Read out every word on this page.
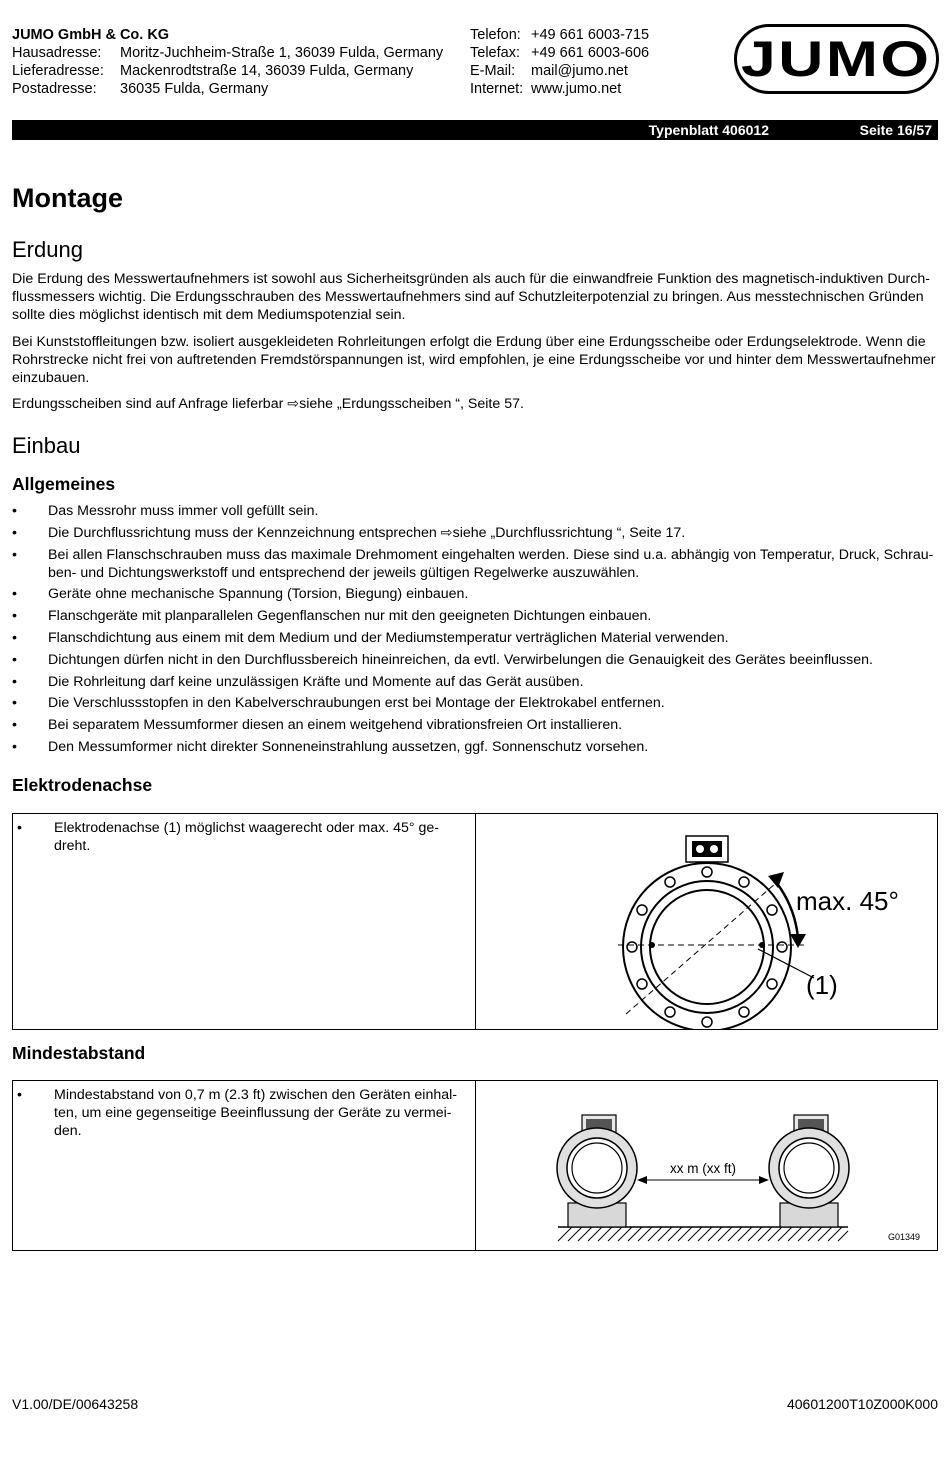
JUMO GmbH & Co. KG
Hausadresse:	Moritz-Juchheim-Straße 1, 36039 Fulda, Germany
Lieferadresse:	Mackenrodtstraße 14, 36039 Fulda, Germany
Postadresse:	36035 Fulda, Germany
Telefon: +49 661 6003-715
Telefax: +49 661 6003-606
E-Mail:	mail@jumo.net
Internet: www.jumo.net
JUMO
Typenblatt 406012	Seite 16/57
Montage
Erdung

Die Erdung des Messwertaufnehmers ist sowohl aus Sicherheitsgründen als auch für die einwandfreie Funktion des magnetisch-induktiven Durchflussmessers wichtig. Die Erdungsschrauben des Messwertaufnehmers sind auf Schutzleiterpotenzial zu bringen. Aus messtechnischen Gründen sollte dies möglichst identisch mit dem Mediumspotenzial sein.

Bei Kunststoffleitungen bzw. isoliert ausgekleideten Rohrleitungen erfolgt die Erdung über eine Erdungsscheibe oder Erdungselektrode. Wenn die Rohrstrecke nicht frei von auftretenden Fremdstörspannungen ist, wird empfohlen, je eine Erdungsscheibe vor und hinter dem Messwertaufnehmer einzubauen.

Erdungsscheiben sind auf Anfrage lieferbar ⇨siehe „Erdungsscheiben “, Seite 57.

Einbau
Allgemeines
• Das Messrohr muss immer voll gefüllt sein.
• Die Durchflussrichtung muss der Kennzeichnung entsprechen ⇨siehe „Durchflussrichtung “, Seite 17.
• Bei allen Flanschschrauben muss das maximale Drehmoment eingehalten werden. Diese sind u.a. abhängig von Temperatur, Druck, Schrauben- und Dichtungswerkstoff und entsprechend der jeweils gültigen Regelwerke auszuwählen.
• Geräte ohne mechanische Spannung (Torsion, Biegung) einbauen.
• Flanschgeräte mit planparallelen Gegenflanschen nur mit den geeigneten Dichtungen einbauen.
• Flanschdichtung aus einem mit dem Medium und der Mediumstemperatur verträglichen Material verwenden.
• Dichtungen dürfen nicht in den Durchflussbereich hineinreichen, da evtl. Verwirbelungen die Genauigkeit des Gerätes beeinflussen.
• Die Rohrleitung darf keine unzulässigen Kräfte und Momente auf das Gerät ausüben.
• Die Verschlussstopfen in den Kabelverschraubungen erst bei Montage der Elektrokabel entfernen.
• Bei separatem Messumformer diesen an einem weitgehend vibrationsfreien Ort installieren.
• Den Messumformer nicht direkter Sonneneinstrahlung aussetzen, ggf. Sonnenschutz vorsehen.
Elektrodenachse
• Elektrodenachse (1) möglichst waagerecht oder max. 45° gedreht.
max. 45°
(1)
Mindestabstand
• Mindestabstand von 0,7 m (2.3 ft) zwischen den Geräten einhalten, um eine gegenseitige Beeinflussung der Geräte zu vermeiden.
xx m (xx ft)
G01349
V1.00/DE/00643258	40601200T10Z000K000
